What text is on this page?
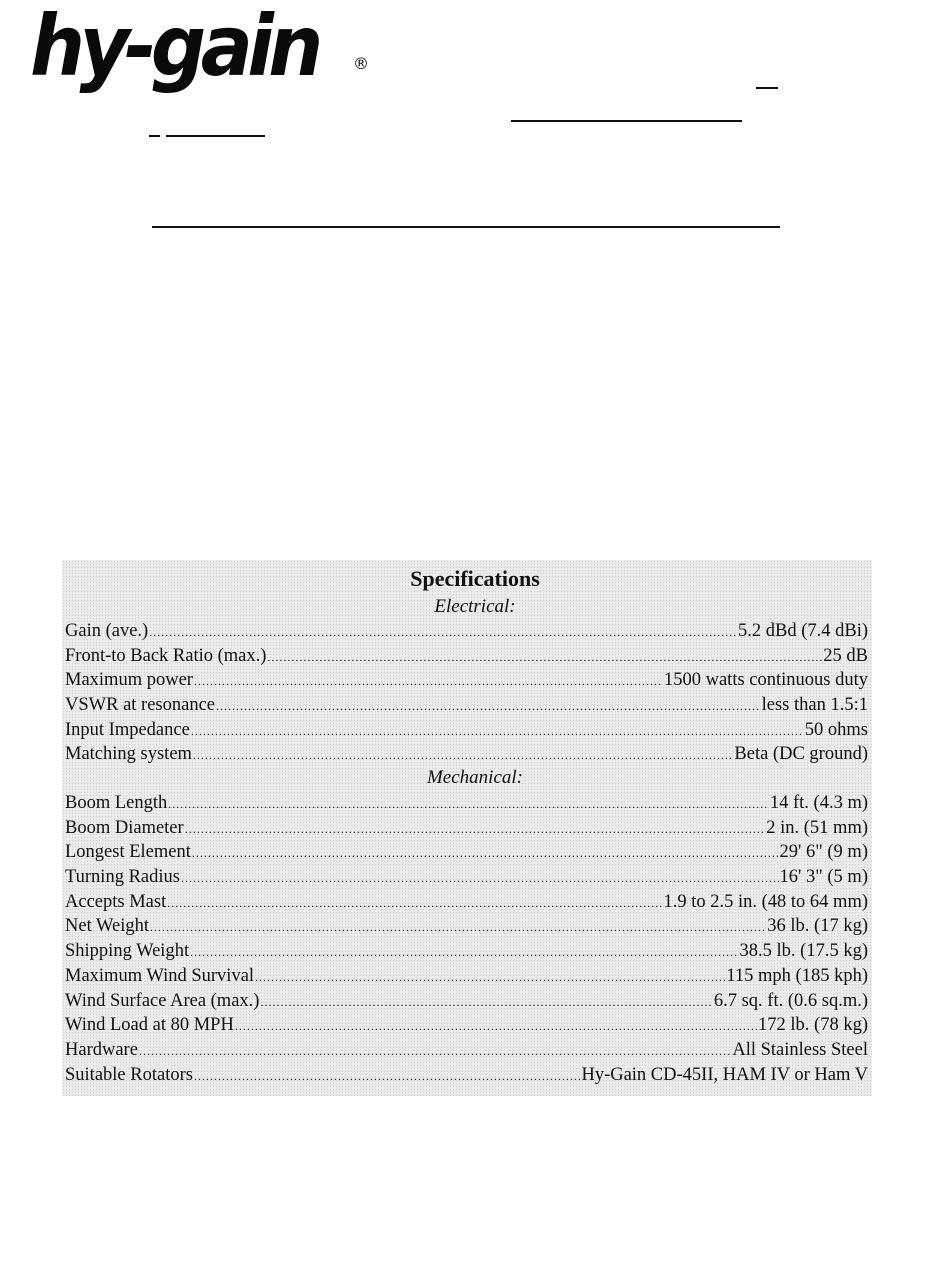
hy-gain ®
Specifications
Electrical:
Gain (ave.) .....	5.2 dBd (7.4 dBi)
Front-to Back Ratio (max.) .....	25 dB
Maximum power .....	1500 watts continuous duty
VSWR at resonance .....	less than 1.5:1
Input Impedance .....	50 ohms
Matching system .....	Beta (DC ground)
Mechanical:
Boom Length .....	14 ft. (4.3 m)
Boom Diameter .....	2 in. (51 mm)
Longest Element .....	29' 6" (9 m)
Turning Radius .....	16' 3" (5 m)
Accepts Mast .....	1.9 to 2.5 in. (48 to 64 mm)
Net Weight .....	36 lb. (17 kg)
Shipping Weight .....	38.5 lb. (17.5 kg)
Maximum Wind Survival .....	115 mph (185 kph)
Wind Surface Area (max.) .....	6.7 sq. ft. (0.6 sq.m.)
Wind Load at 80 MPH .....	172 lb. (78 kg)
Hardware .....	All Stainless Steel
Suitable Rotators .....	Hy-Gain CD-45II, HAM IV or Ham V
